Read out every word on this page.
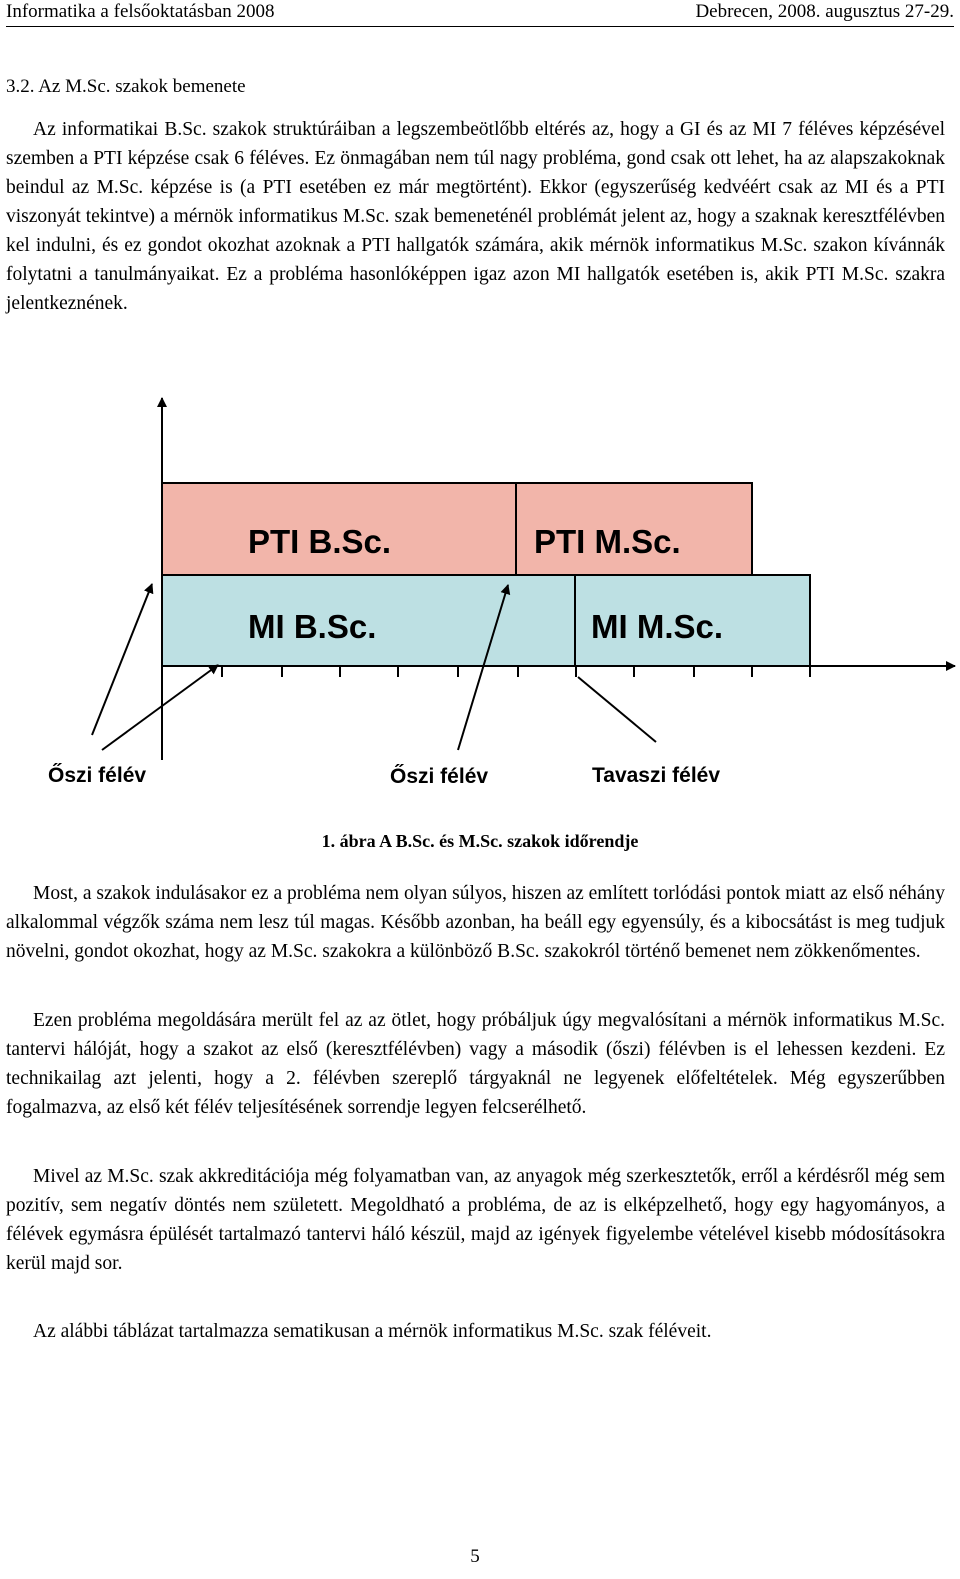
Informatika a felsőoktatásban 2008	Debrecen, 2008. augusztus 27-29.
3.2. Az M.Sc. szakok bemenete

Az informatikai B.Sc. szakok struktúráiban a legszembeötlőbb eltérés az, hogy a GI és az MI 7 féléves képzésével szemben a PTI képzése csak 6 féléves. Ez önmagában nem túl nagy probléma, gond csak ott lehet, ha az alapszakoknak beindul az M.Sc. képzése is (a PTI esetében ez már megtörtént). Ekkor (egyszerűség kedvéért csak az MI és a PTI viszonyát tekintve) a mérnök informatikus M.Sc. szak bemeneténél problémát jelent az, hogy a szaknak keresztfélévben kel indulni, és ez gondot okozhat azoknak a PTI hallgatók számára, akik mérnök informatikus M.Sc. szakon kívánnák folytatni a tanulmányaikat. Ez a probléma hasonlóképpen igaz azon MI hallgatók esetében is, akik PTI M.Sc. szakra jelentkeznének.

PTI B.Sc.	PTI M.Sc.
MI B.Sc.	MI M.Sc.
Őszi félév	Őszi félév	Tavaszi félév
1. ábra A B.Sc. és M.Sc. szakok időrendje

Most, a szakok indulásakor ez a probléma nem olyan súlyos, hiszen az említett torlódási pontok miatt az első néhány alkalommal végzők száma nem lesz túl magas. Később azonban, ha beáll egy egyensúly, és a kibocsátást is meg tudjuk növelni, gondot okozhat, hogy az M.Sc. szakokra a különböző B.Sc. szakokról történő bemenet nem zökkenőmentes.

Ezen probléma megoldására merült fel az az ötlet, hogy próbáljuk úgy megvalósítani a mérnök informatikus M.Sc. tantervi hálóját, hogy a szakot az első (keresztfélévben) vagy a második (őszi) félévben is el lehessen kezdeni. Ez technikailag azt jelenti, hogy a 2. félévben szereplő tárgyaknál ne legyenek előfeltételek. Még egyszerűbben fogalmazva, az első két félév teljesítésének sorrendje legyen felcserélhető.

Mivel az M.Sc. szak akkreditációja még folyamatban van, az anyagok még szerkesztetők, erről a kérdésről még sem pozitív, sem negatív döntés nem született. Megoldható a probléma, de az is elképzelhető, hogy egy hagyományos, a félévek egymásra épülését tartalmazó tantervi háló készül, majd az igények figyelembe vételével kisebb módosításokra kerül majd sor.

Az alábbi táblázat tartalmazza sematikusan a mérnök informatikus M.Sc. szak féléveit.

5
